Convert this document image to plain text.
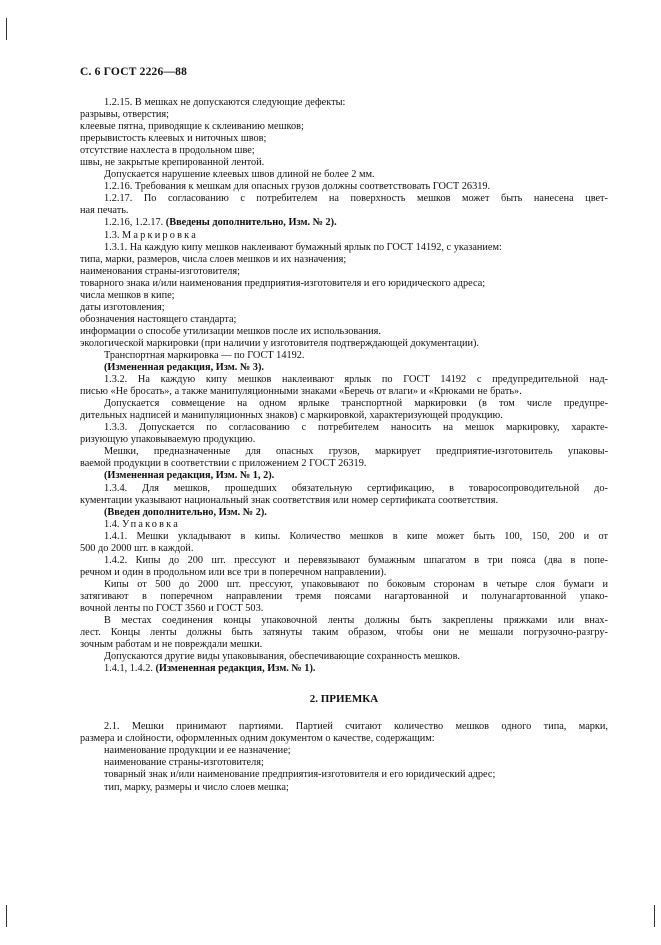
С. 6 ГОСТ 2226—88

1.2.15. В мешках не допускаются следующие дефекты:

разрывы, отверстия;

клеевые пятна, приводящие к склеиванию мешков;

прерывистость клеевых и ниточных швов;

отсутствие нахлеста в продольном шве;

швы, не закрытые крепированной лентой.

Допускается нарушение клеевых швов длиной не более 2 мм.

1.2.16. Требования к мешкам для опасных грузов должны соответствовать ГОСТ 26319.

1.2.17. По согласованию с потребителем на поверхность мешков может быть нанесена цвет-

ная печать.

1.2.16, 1.2.17. (Введены дополнительно, Изм. № 2).

1.3. Маркировка

1.3.1. На каждую кипу мешков наклеивают бумажный ярлык по ГОСТ 14192, с указанием:

типа, марки, размеров, числа слоев мешков и их назначения;

наименования страны-изготовителя;

товарного знака и/или наименования предприятия-изготовителя и его юридического адреса;

числа мешков в кипе;

даты изготовления;

обозначения настоящего стандарта;

информации о способе утилизации мешков после их использования.

экологической маркировки (при наличии у изготовителя подтверждающей документации).

Транспортная маркировка — по ГОСТ 14192.

(Измененная редакция, Изм. № 3).

1.3.2. На каждую кипу мешков наклеивают ярлык по ГОСТ 14192 с предупредительной над-

писью «Не бросать», а также манипуляционными знаками «Беречь от влаги» и «Крюками не брать».

Допускается совмещение на одном ярлыке транспортной маркировки (в том числе предупре-

дительных надписей и манипуляционных знаков) с маркировкой, характеризующей продукцию.

1.3.3. Допускается по согласованию с потребителем наносить на мешок маркировку, характе-

ризующую упаковываемую продукцию.

Мешки, предназначенные для опасных грузов, маркирует предприятие-изготовитель упаковы-

ваемой продукции в соответствии с приложением 2 ГОСТ 26319.

(Измененная редакция, Изм. № 1, 2).

1.3.4. Для мешков, прошедших обязательную сертификацию, в товаросопроводительной до-

кументации указывают национальный знак соответствия или номер сертификата соответствия.

(Введен дополнительно, Изм. № 2).

1.4. Упаковка

1.4.1. Мешки укладывают в кипы. Количество мешков в кипе может быть 100, 150, 200 и от

500 до 2000 шт. в каждой.

1.4.2. Кипы до 200 шт. прессуют и перевязывают бумажным шпагатом в три пояса (два в попе-

речном и один в продольном или все три в поперечном направлении).

Кипы от 500 до 2000 шт. прессуют, упаковывают по боковым сторонам в четыре слоя бумаги и

затягивают в поперечном направлении тремя поясами нагартованной и полунагартованной упако-

вочной ленты по ГОСТ 3560 и ГОСТ 503.

В местах соединения концы упаковочной ленты должны быть закреплены пряжками или внах-

лест. Концы ленты должны быть затянуты таким образом, чтобы они не мешали погрузочно-разгру-

зочным работам и не повреждали мешки.

Допускаются другие виды упаковывания, обеспечивающие сохранность мешков.

1.4.1, 1.4.2. (Измененная редакция, Изм. № 1).

2. ПРИЕМКА

2.1. Мешки принимают партиями. Партией считают количество мешков одного типа, марки,

размера и слойности, оформленных одним документом о качестве, содержащим:

наименование продукции и ее назначение;

наименование страны-изготовителя;

товарный знак и/или наименование предприятия-изготовителя и его юридический адрес;

тип, марку, размеры и число слоев мешка;
